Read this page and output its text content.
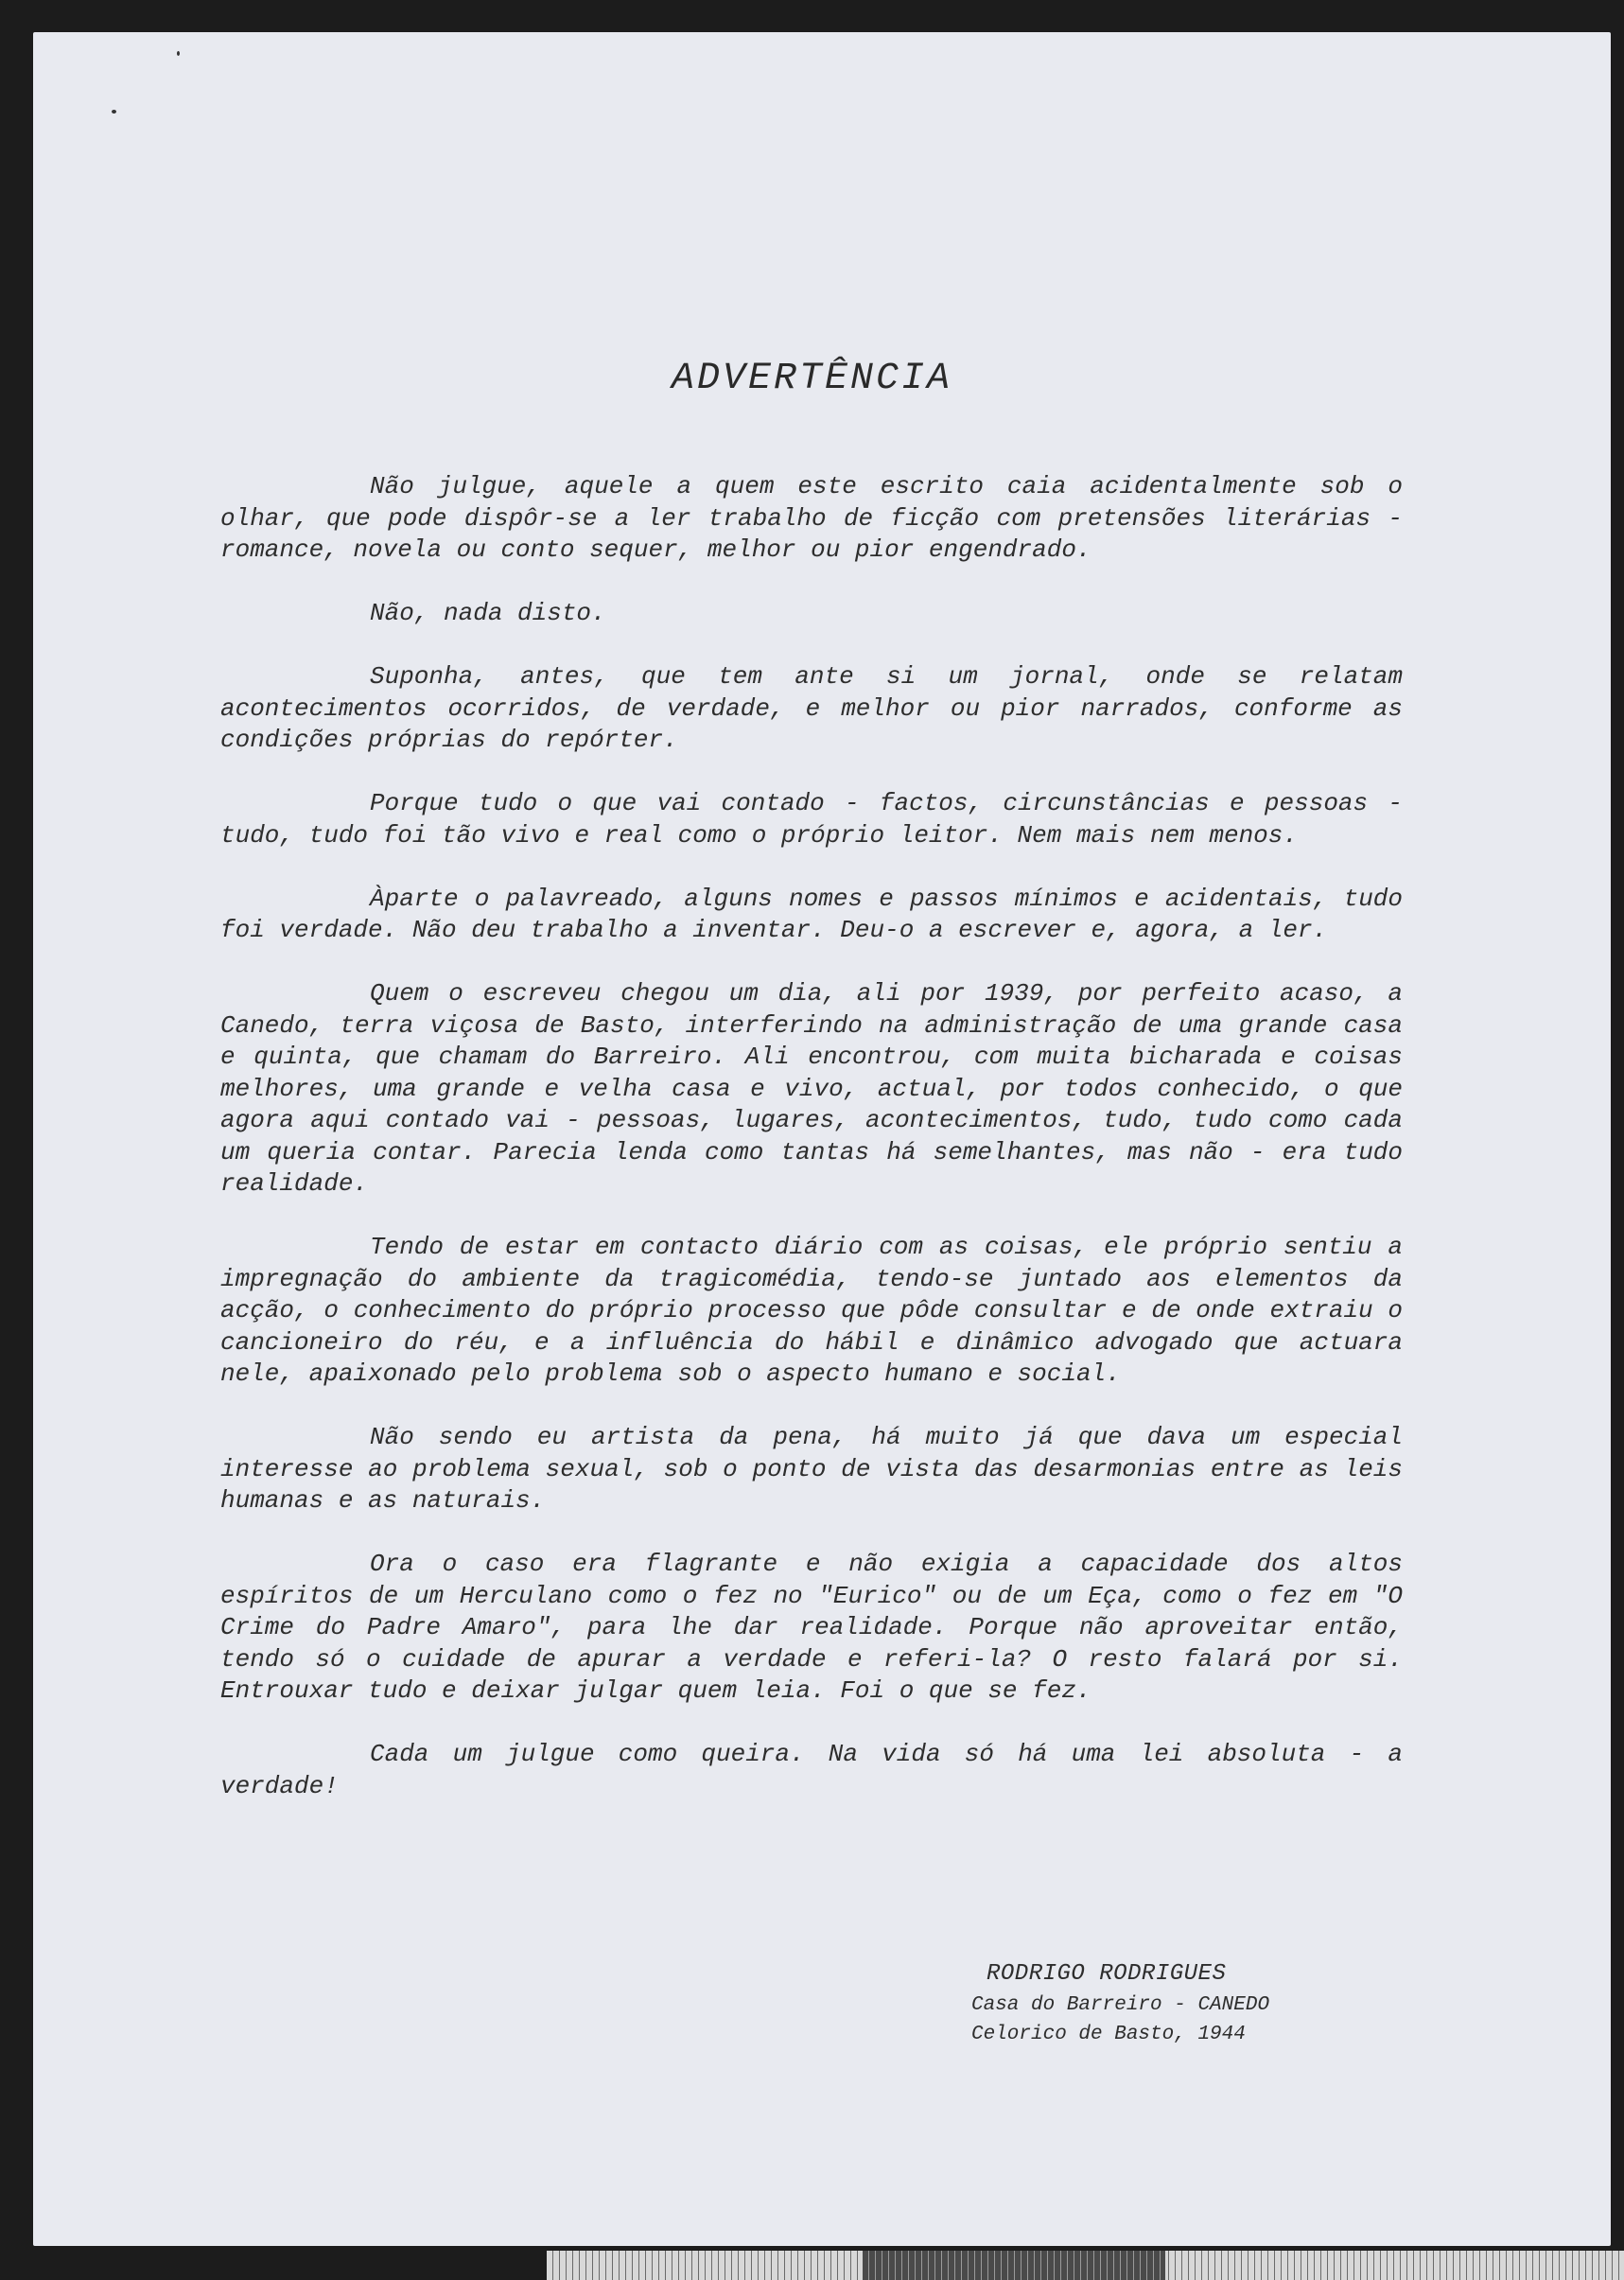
ADVERTÊNCIA

Não julgue, aquele a quem este escrito caia acidentalmente sob o olhar, que pode dispôr-se a ler trabalho de ficção com pretensões literárias - romance, novela ou conto sequer, melhor ou pior engendrado.

Não, nada disto.

Suponha, antes, que tem ante si um jornal, onde se relatam acontecimentos ocorridos, de verdade, e melhor ou pior narrados, conforme as condições próprias do repórter.

Porque tudo o que vai contado - factos, circunstâncias e pessoas - tudo, tudo foi tão vivo e real como o próprio leitor. Nem mais nem menos.

Àparte o palavreado, alguns nomes e passos mínimos e acidentais, tudo foi verdade. Não deu trabalho a inventar. Deu-o a escrever e, agora, a ler.

Quem o escreveu chegou um dia, ali por 1939, por perfeito acaso, a Canedo, terra viçosa de Basto, interferindo na administração de uma grande casa e quinta, que chamam do Barreiro. Ali encontrou, com muita bicharada e coisas melhores, uma grande e velha casa e vivo, actual, por todos conhecido, o que agora aqui contado vai - pessoas, lugares, acontecimentos, tudo, tudo como cada um queria contar. Parecia lenda como tantas há semelhantes, mas não - era tudo realidade.

Tendo de estar em contacto diário com as coisas, ele próprio sentiu a impregnação do ambiente da tragicomédia, tendo-se juntado aos elementos da acção, o conhecimento do próprio processo que pôde consultar e de onde extraiu o cancioneiro do réu, e a influência do hábil e dinâmico advogado que actuara nele, apaixonado pelo problema sob o aspecto humano e social.

Não sendo eu artista da pena, há muito já que dava um especial interesse ao problema sexual, sob o ponto de vista das desarmonias entre as leis humanas e as naturais.

Ora o caso era flagrante e não exigia a capacidade dos altos espíritos de um Herculano como o fez no "Eurico" ou de um Eça, como o fez em "O Crime do Padre Amaro", para lhe dar realidade. Porque não aproveitar então, tendo só o cuidade de apurar a verdade e referi-la? O resto falará por si. Entrouxar tudo e deixar julgar quem leia. Foi o que se fez.

Cada um julgue como queira. Na vida só há uma lei absoluta - a verdade!

RODRIGO RODRIGUES
Casa do Barreiro - CANEDO
Celorico de Basto, 1944
